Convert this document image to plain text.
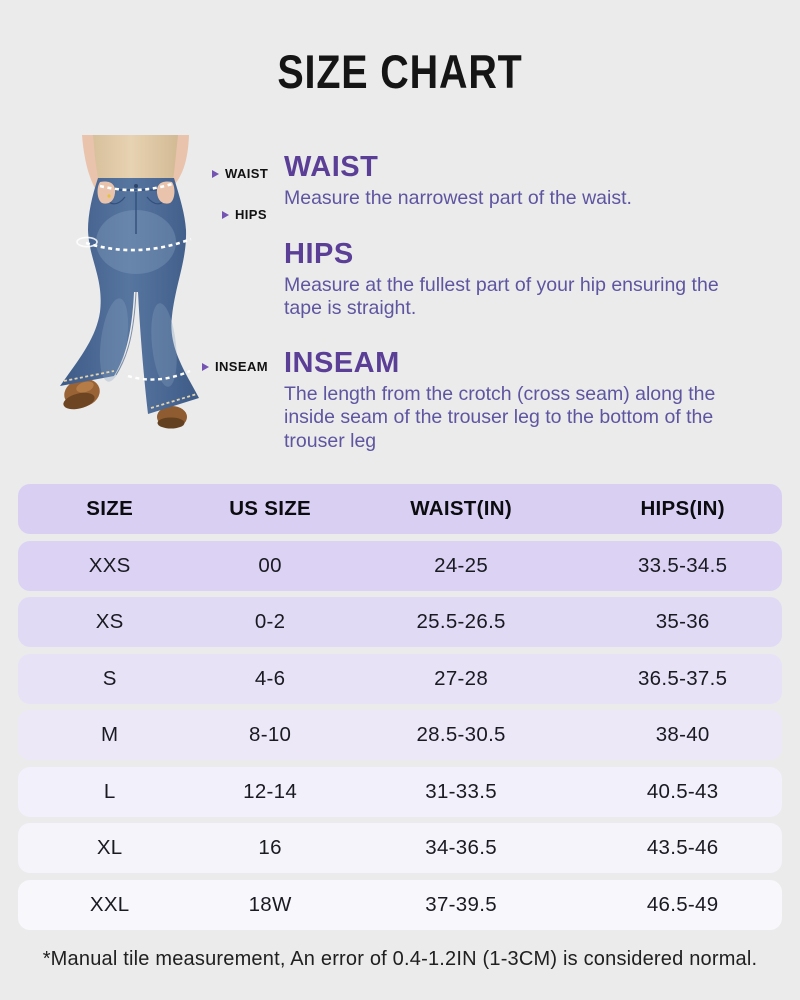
SIZE CHART
WAIST
HIPS
INSEAM
WAIST

Measure the narrowest part of the waist.

HIPS

Measure at the fullest part of your hip ensuring the tape is straight.

INSEAM

The length from the crotch (cross seam) along the inside seam of the trouser leg to the bottom of the trouser leg

SIZE	US SIZE	WAIST(IN)	HIPS(IN)
XXS	00	24-25	33.5-34.5
XS	0-2	25.5-26.5	35-36
S	4-6	27-28	36.5-37.5
M	8-10	28.5-30.5	38-40
L	12-14	31-33.5	40.5-43
XL	16	34-36.5	43.5-46
XXL	18W	37-39.5	46.5-49

*Manual tile measurement, An error of 0.4-1.2IN (1-3CM) is considered normal.
